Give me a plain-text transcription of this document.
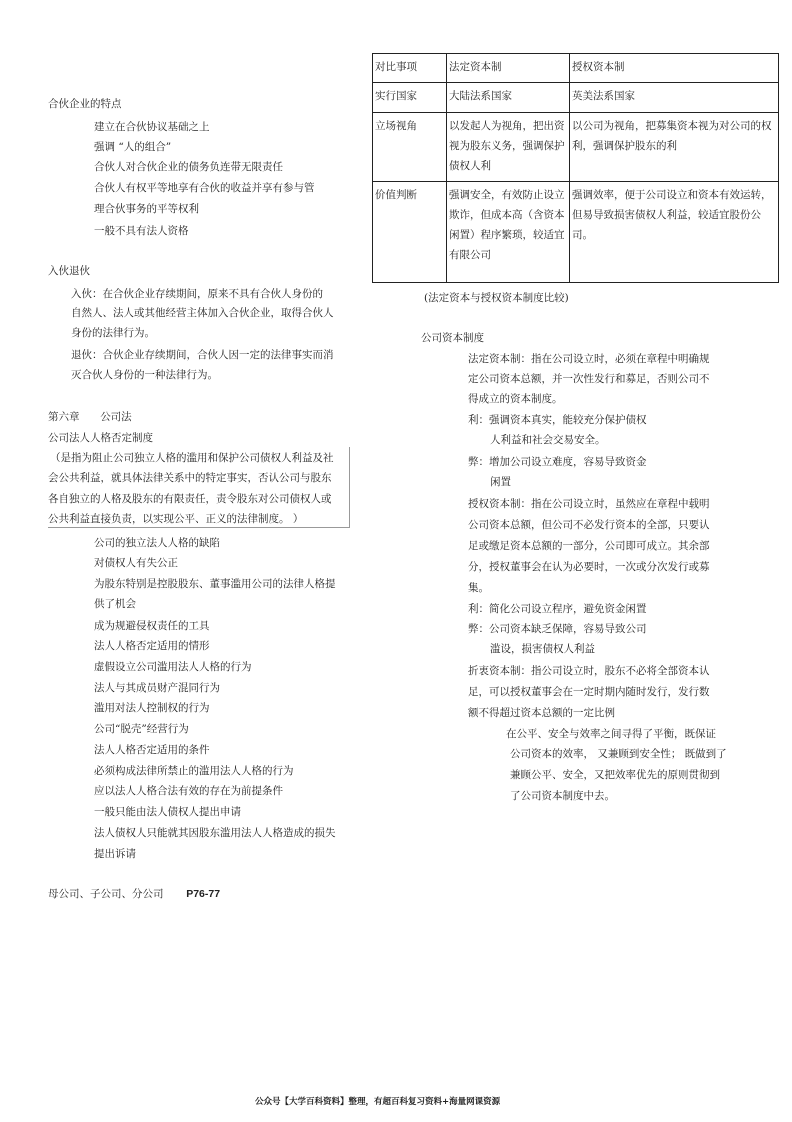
合伙企业的特点
建立在合伙协议基础之上
强调 “人的组合”
合伙人对合伙企业的债务负连带无限责任
合伙人有权平等地享有合伙的收益并享有参与管
理合伙事务的平等权利
一般不具有法人资格
入伙退伙
入伙：在合伙企业存续期间，原来不具有合伙人身份的
自然人、法人或其他经营主体加入合伙企业，取得合伙人
身份的法律行为。
退伙：合伙企业存续期间，合伙人因一定的法律事实而消
灭合伙人身份的一种法律行为。
第六章 公司法
公司法人人格否定制度
（是指为阻止公司独立人格的滥用和保护公司债权人利益及社
会公共利益，就具体法律关系中的特定事实，否认公司与股东
各自独立的人格及股东的有限责任，责令股东对公司债权人或
公共利益直接负责，以实现公平、正义的法律制度。 ）
公司的独立法人人格的缺陷
对债权人有失公正
为股东特别是控股股东、董事滥用公司的法律人格提
供了机会
成为规避侵权责任的工具
法人人格否定适用的情形
虚假设立公司滥用法人人格的行为
法人与其成员财产混同行为
滥用对法人控制权的行为
公司“脱壳”经营行为
法人人格否定适用的条件
必须构成法律所禁止的滥用法人人格的行为
应以法人人格合法有效的存在为前提条件
一般只能由法人债权人提出申请
法人债权人只能就其因股东滥用法人人格造成的损失
提出诉请
母公司、子公司、分公司 P76-77
对比事项	法定资本制	授权资本制
实行国家	大陆法系国家	英美法系国家
立场视角	以发起人为视角，把出资视为股东义务，强调保护债权人利	以公司为视角，把募集资本视为对公司的权利，强调保护股东的利
价值判断	强调安全，有效防止设立欺诈，但成本高（含资本闲置）程序繁琐，较适宜有限公司	强调效率，便于公司设立和资本有效运转，但易导致损害债权人利益，较适宜股份公司。
(法定资本与授权资本制度比较)
公司资本制度
法定资本制：指在公司设立时，必须在章程中明确规
定公司资本总额，并一次性发行和募足，否则公司不
得成立的资本制度。
利：强调资本真实，能较充分保护债权
人利益和社会交易安全。
弊：增加公司设立难度，容易导致资金
闲置
授权资本制：指在公司设立时，虽然应在章程中载明
公司资本总额，但公司不必发行资本的全部，只要认
足或缴足资本总额的一部分，公司即可成立。其余部
分，授权董事会在认为必要时，一次或分次发行或募
集。
利：简化公司设立程序，避免资金闲置
弊：公司资本缺乏保障，容易导致公司
滥设，损害债权人利益
折衷资本制：指公司设立时，股东不必将全部资本认
足，可以授权董事会在一定时期内随时发行，发行数
额不得超过资本总额的一定比例
在公平、安全与效率之间寻得了平衡，既保证
公司资本的效率， 又兼顾到安全性； 既做到了
兼顾公平、安全，又把效率优先的原则贯彻到
了公司资本制度中去。
公众号【大学百科资料】整理，有超百科复习资料+海量网课资源
